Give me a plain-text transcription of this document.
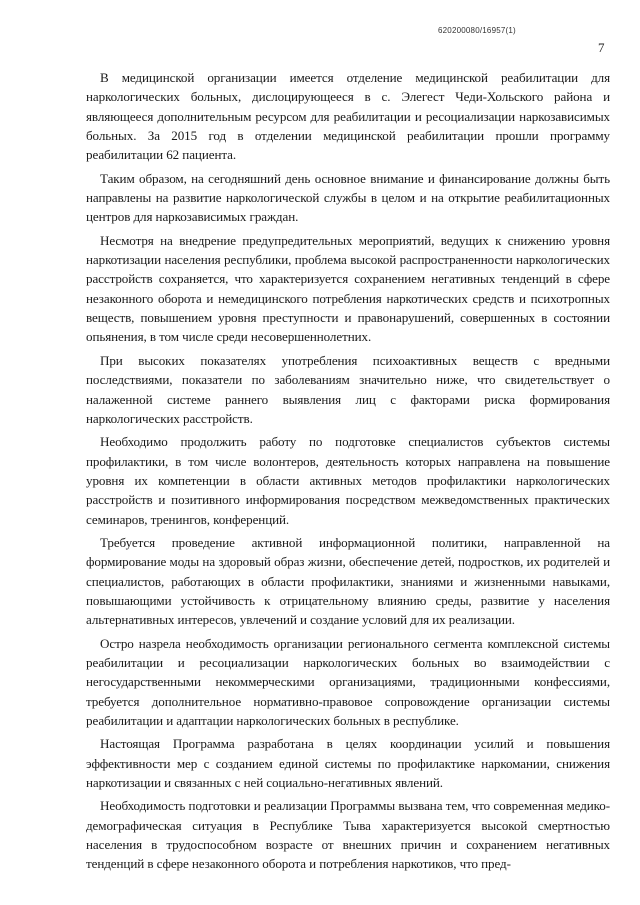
620200080/16957(1)
7

В медицинской организации имеется отделение медицинской реабилитации для наркологических больных, дислоцирующееся в с. Элегест Чеди-Хольского района и являющееся дополнительным ресурсом для реабилитации и ресоциализации наркозависимых больных. За 2015 год в отделении медицинской реабилитации прошли программу реабилитации 62 пациента.

Таким образом, на сегодняшний день основное внимание и финансирование должны быть направлены на развитие наркологической службы в целом и на открытие реабилитационных центров для наркозависимых граждан.

Несмотря на внедрение предупредительных мероприятий, ведущих к снижению уровня наркотизации населения республики, проблема высокой распространенности наркологических расстройств сохраняется, что характеризуется сохранением негативных тенденций в сфере незаконного оборота и немедицинского потребления наркотических средств и психотропных веществ, повышением уровня преступности и правонарушений, совершенных в состоянии опьянения, в том числе среди несовершеннолетних.

При высоких показателях употребления психоактивных веществ с вредными последствиями, показатели по заболеваниям значительно ниже, что свидетельствует о налаженной системе раннего выявления лиц с факторами риска формирования наркологических расстройств.

Необходимо продолжить работу по подготовке специалистов субъектов системы профилактики, в том числе волонтеров, деятельность которых направлена на повышение уровня их компетенции в области активных методов профилактики наркологических расстройств и позитивного информирования посредством межведомственных практических семинаров, тренингов, конференций.

Требуется проведение активной информационной политики, направленной на формирование моды на здоровый образ жизни, обеспечение детей, подростков, их родителей и специалистов, работающих в области профилактики, знаниями и жизненными навыками, повышающими устойчивость к отрицательному влиянию среды, развитие у населения альтернативных интересов, увлечений и создание условий для их реализации.

Остро назрела необходимость организации регионального сегмента комплексной системы реабилитации и ресоциализации наркологических больных во взаимодействии с негосударственными некоммерческими организациями, традиционными конфессиями, требуется дополнительное нормативно-правовое сопровождение организации системы реабилитации и адаптации наркологических больных в республике.

Настоящая Программа разработана в целях координации усилий и повышения эффективности мер с созданием единой системы по профилактике наркомании, снижения наркотизации и связанных с ней социально-негативных явлений.

Необходимость подготовки и реализации Программы вызвана тем, что современная медико-демографическая ситуация в Республике Тыва характеризуется высокой смертностью населения в трудоспособном возрасте от внешних причин и сохранением негативных тенденций в сфере незаконного оборота и потребления наркотиков, что пред-
